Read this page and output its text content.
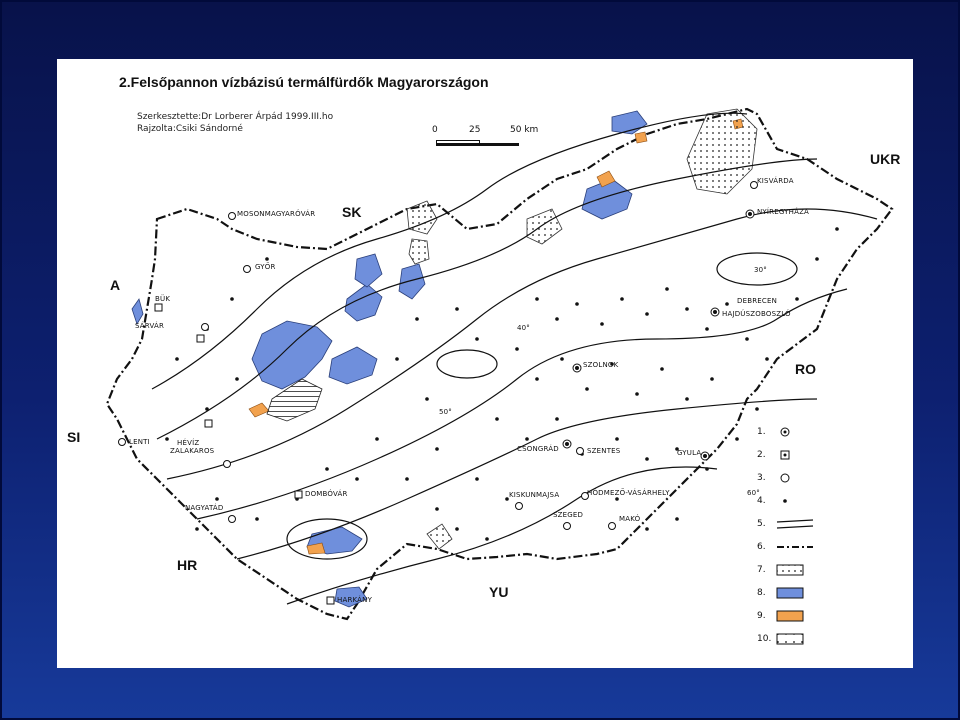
2.Felsőpannon vízbázisú termálfürdők Magyarországon
Szerkesztette:Dr Lorberer Árpád 1999.III.ho
Rajzolta:Csiki Sándorné	0	25	50 km
SK
UKR
A
RO
SI
HR
YU
MOSONMAGYARÓVÁR
GYŐR
BÜK
SÁRVÁR
HÉVÍZ
LENTI
ZALAKAROS
NAGYATÁD
DOMBÓVÁR
HARKÁNY
KISVÁRDA
NYÍREGYHÁZA
DEBRECEN
HAJDÚSZOBOSZLÓ
SZOLNOK
CSONGRÁD	SZENTES	GYULA
KISKUNMAJSA	HÓDMEZŐ-VÁSÁRHELY
SZEGED	MAKÓ
40°
50°
30°
60°
1.
2.
3.
4.
5.
6.
7.
8.
9.
10.
